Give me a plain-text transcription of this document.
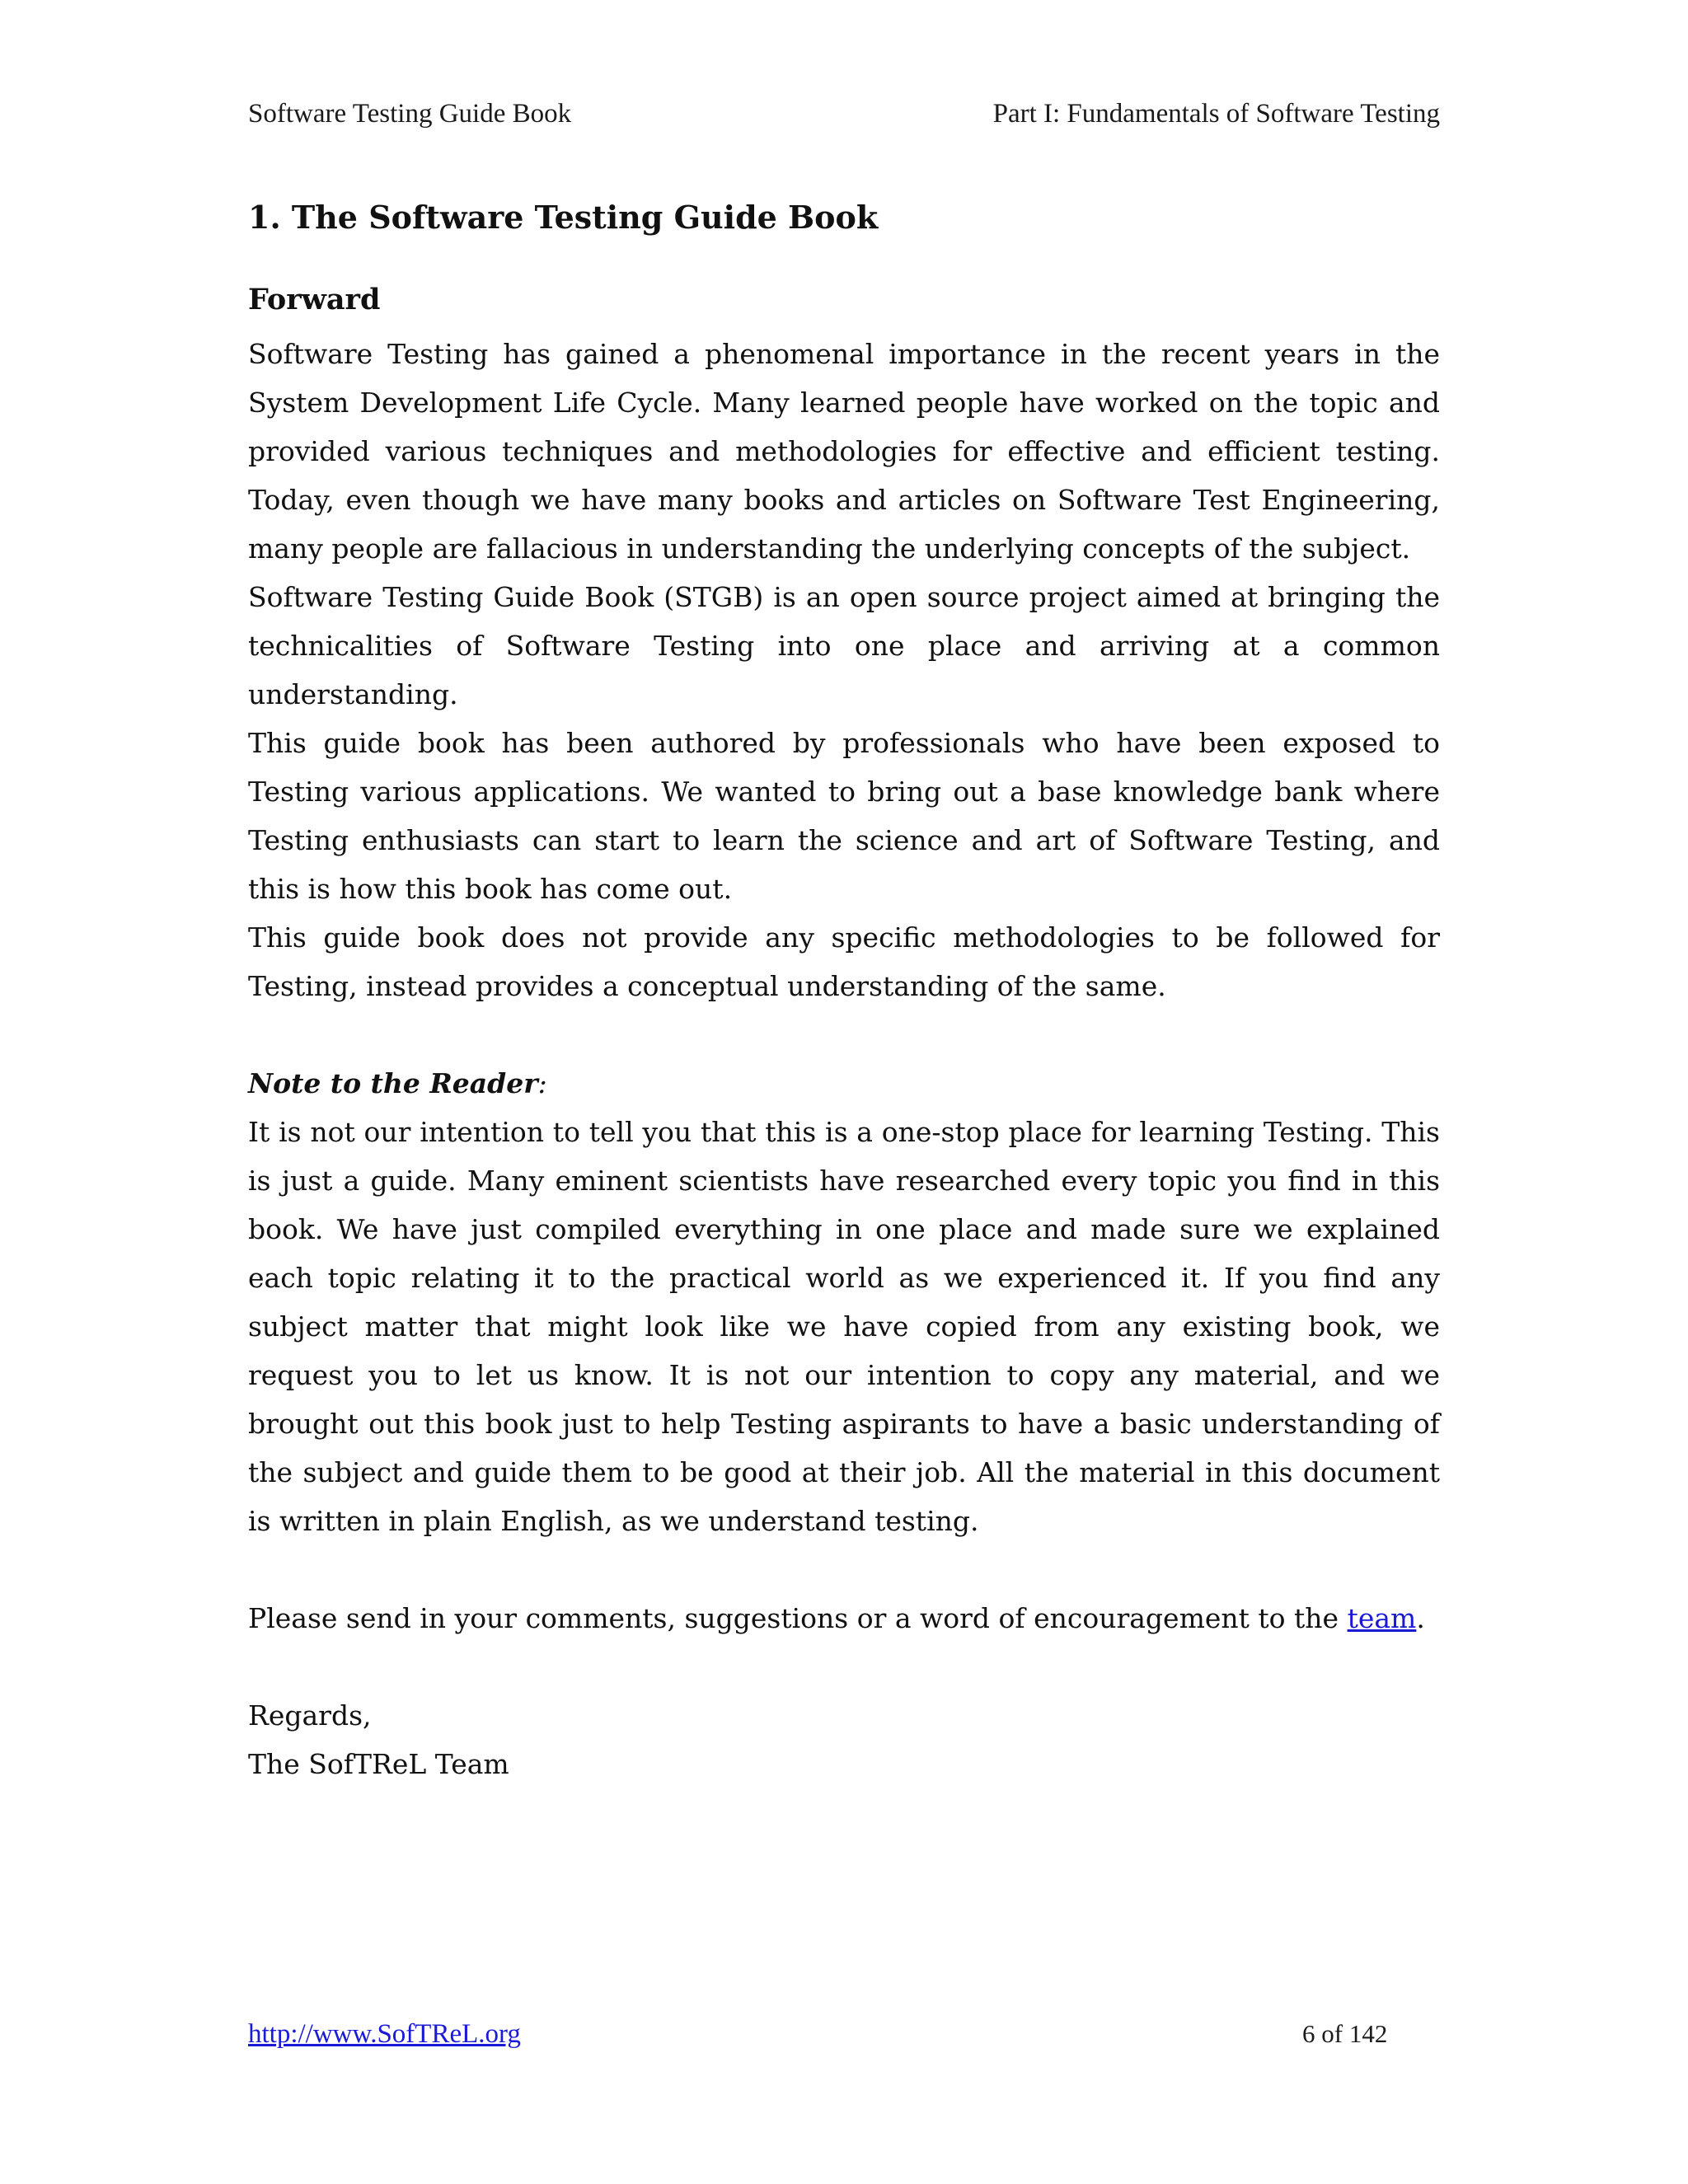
Software Testing Guide Book	Part I: Fundamentals of Software Testing
1. The Software Testing Guide Book
Forward

Software Testing has gained a phenomenal importance in the recent years in the System Development Life Cycle. Many learned people have worked on the topic and provided various techniques and methodologies for effective and efficient testing. Today, even though we have many books and articles on Software Test Engineering, many people are fallacious in understanding the underlying concepts of the subject.

Software Testing Guide Book (STGB) is an open source project aimed at bringing the technicalities of Software Testing into one place and arriving at a common understanding.

This guide book has been authored by professionals who have been exposed to Testing various applications. We wanted to bring out a base knowledge bank where Testing enthusiasts can start to learn the science and art of Software Testing, and this is how this book has come out.

This guide book does not provide any specific methodologies to be followed for Testing, instead provides a conceptual understanding of the same.

Note to the Reader:

It is not our intention to tell you that this is a one-stop place for learning Testing. This is just a guide. Many eminent scientists have researched every topic you find in this book. We have just compiled everything in one place and made sure we explained each topic relating it to the practical world as we experienced it. If you find any subject matter that might look like we have copied from any existing book, we request you to let us know. It is not our intention to copy any material, and we brought out this book just to help Testing aspirants to have a basic understanding of the subject and guide them to be good at their job. All the material in this document is written in plain English, as we understand testing.

Please send in your comments, suggestions or a word of encouragement to the team.

Regards,

The SofTReL Team

http://www.SofTReL.org	6 of 142
